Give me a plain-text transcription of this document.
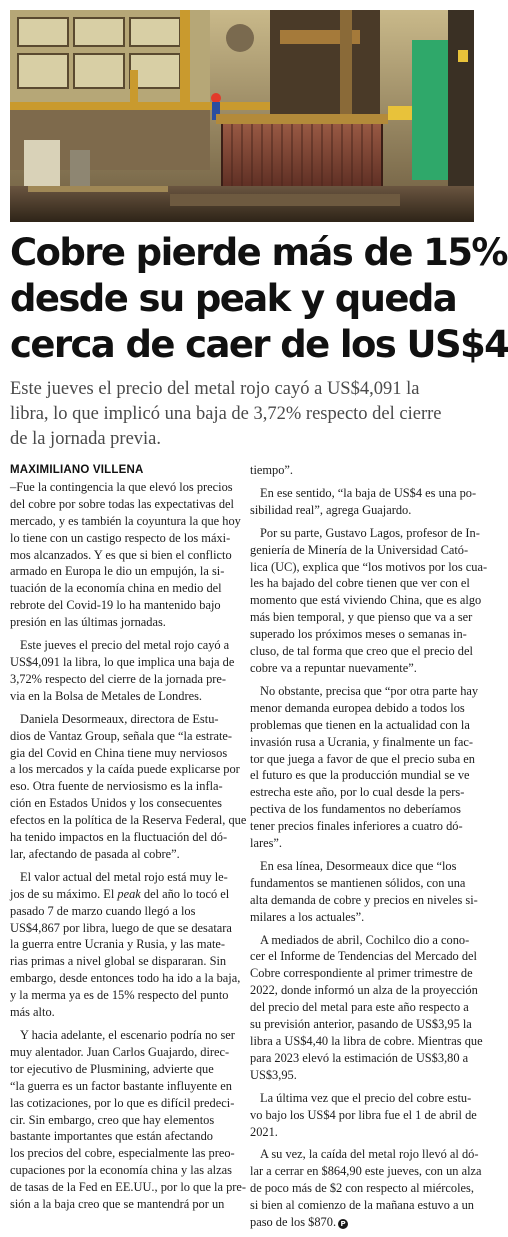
Cobre pierde más de 15%
desde su peak y queda
cerca de caer de los US$4

Este jueves el precio del metal rojo cayó a US$4,091 la
libra, lo que implicó una baja de 3,72% respecto del cierre
de la jornada previa.

MAXIMILIANO VILLENA

–Fue la contingencia la que elevó los precios
del cobre por sobre todas las expectativas del
mercado, y es también la coyuntura la que hoy
lo tiene con un castigo respecto de los máxi-
mos alcanzados. Y es que si bien el conflicto
armado en Europa le dio un empujón, la si-
tuación de la economía china en medio del
rebrote del Covid-19 lo ha mantenido bajo
presión en las últimas jornadas.

Este jueves el precio del metal rojo cayó a
US$4,091 la libra, lo que implica una baja de
3,72% respecto del cierre de la jornada pre-
via en la Bolsa de Metales de Londres.

Daniela Desormeaux, directora de Estu-
dios de Vantaz Group, señala que “la estrate-
gia del Covid en China tiene muy nerviosos
a los mercados y la caída puede explicarse por
eso. Otra fuente de nerviosismo es la infla-
ción en Estados Unidos y los consecuentes
efectos en la política de la Reserva Federal, que
ha tenido impactos en la fluctuación del dó-
lar, afectando de pasada al cobre”.

El valor actual del metal rojo está muy le-
jos de su máximo. El peak del año lo tocó el
pasado 7 de marzo cuando llegó a los
US$4,867 por libra, luego de que se desatara
la guerra entre Ucrania y Rusia, y las mate-
rias primas a nivel global se dispararan. Sin
embargo, desde entonces todo ha ido a la baja,
y la merma ya es de 15% respecto del punto
más alto.

Y hacia adelante, el escenario podría no ser
muy alentador. Juan Carlos Guajardo, direc-
tor ejecutivo de Plusmining, advierte que
“la guerra es un factor bastante influyente en
las cotizaciones, por lo que es difícil predeci-
cir. Sin embargo, creo que hay elementos
bastante importantes que están afectando
los precios del cobre, especialmente las preo-
cupaciones por la economía china y las alzas
de tasas de la Fed en EE.UU., por lo que la pre-
sión a la baja creo que se mantendrá por un

tiempo”.

En ese sentido, “la baja de US$4 es una po-
sibilidad real”, agrega Guajardo.

Por su parte, Gustavo Lagos, profesor de In-
geniería de Minería de la Universidad Cató-
lica (UC), explica que “los motivos por los cua-
les ha bajado del cobre tienen que ver con el
momento que está viviendo China, que es algo
más bien temporal, y que pienso que va a ser
superado los próximos meses o semanas in-
cluso, de tal forma que creo que el precio del
cobre va a repuntar nuevamente”.

No obstante, precisa que “por otra parte hay
menor demanda europea debido a todos los
problemas que tienen en la actualidad con la
invasión rusa a Ucrania, y finalmente un fac-
tor que juega a favor de que el precio suba en
el futuro es que la producción mundial se ve
estrecha este año, por lo cual desde la pers-
pectiva de los fundamentos no deberíamos
tener precios finales inferiores a cuatro dó-
lares”.

En esa línea, Desormeaux dice que “los
fundamentos se mantienen sólidos, con una
alta demanda de cobre y precios en niveles si-
milares a los actuales”.

A mediados de abril, Cochilco dio a cono-
cer el Informe de Tendencias del Mercado del
Cobre correspondiente al primer trimestre de
2022, donde informó un alza de la proyección
del precio del metal para este año respecto a
su previsión anterior, pasando de US$3,95 la
libra a US$4,40 la libra de cobre. Mientras que
para 2023 elevó la estimación de US$3,80 a
US$3,95.

La última vez que el precio del cobre estu-
vo bajo los US$4 por libra fue el 1 de abril de
2021.

A su vez, la caída del metal rojo llevó al dó-
lar a cerrar en $864,90 este jueves, con un alza
de poco más de $2 con respecto al miércoles,
si bien al comienzo de la mañana estuvo a un
paso de los $870. P
